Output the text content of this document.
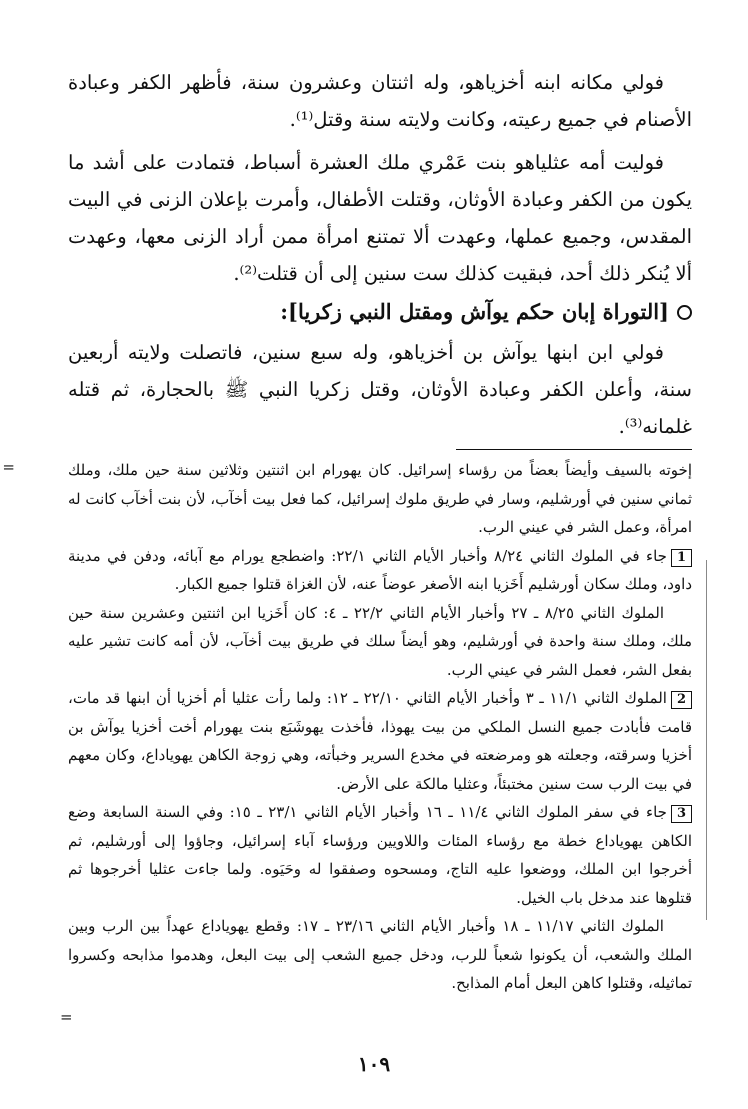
فولي مكانه ابنه أخزياهو، وله اثنتان وعشرون سنة، فأظهر الكفر وعبادة الأصنام في جميع رعيته، وكانت ولايته سنة وقتل⁽¹⁾.

فوليت أمه عثلياهو بنت عَمْري ملك العشرة أسباط، فتمادت على أشد ما يكون من الكفر وعبادة الأوثان، وقتلت الأطفال، وأمرت بإعلان الزنى في البيت المقدس، وجميع عملها، وعهدت ألا تمتنع امرأة ممن أراد الزنى معها، وعهدت ألا يُنكر ذلك أحد، فبقيت كذلك ست سنين إلى أن قتلت⁽²⁾.

[التوراة إبان حكم يوآش ومقتل النبي زكريا]:

فولي ابن ابنها يوآش بن أخزياهو، وله سبع سنين، فاتصلت ولايته أربعين سنة، وأعلن الكفر وعبادة الأوثان، وقتل زكريا النبي ﷺ بالحجارة، ثم قتله غلمانه⁽³⁾.

=	إخوته بالسيف وأيضاً بعضاً من رؤساء إسرائيل. كان يهورام ابن اثنتين وثلاثين سنة حين ملك، وملك ثماني سنين في أورشليم، وسار في طريق ملوك إسرائيل، كما فعل بيت أخآب، لأن بنت أخآب كانت له امرأة، وعمل الشر في عيني الرب.

1جاء في الملوك الثاني ٨/٢٤ وأخبار الأيام الثاني ٢٢/١: واضطجع يورام مع آبائه، ودفن في مدينة داود، وملك سكان أورشليم أَخَزيا ابنه الأصغر عوضاً عنه، لأن الغزاة قتلوا جميع الكبار.

الملوك الثاني ٨/٢٥ ـ ٢٧ وأخبار الأيام الثاني ٢٢/٢ ـ ٤: كان أَخَزيا ابن اثنتين وعشرين سنة حين ملك، وملك سنة واحدة في أورشليم، وهو أيضاً سلك في طريق بيت أخآب، لأن أمه كانت تشير عليه بفعل الشر، فعمل الشر في عيني الرب.

2الملوك الثاني ١١/١ ـ ٣ وأخبار الأيام الثاني ٢٢/١٠ ـ ١٢: ولما رأت عثليا أم أخزيا أن ابنها قد مات، قامت فأبادت جميع النسل الملكي من بيت يهوذا، فأخذت يهوشَبَع بنت يهورام أخت أخزيا يوآش بن أخزيا وسرقته، وجعلته هو ومرضعته في مخدع السرير وخبأته، وهي زوجة الكاهن يهوياداع، وكان معهم في بيت الرب ست سنين مختبئاً، وعثليا مالكة على الأرض.

3جاء في سفر الملوك الثاني ١١/٤ ـ ١٦ وأخبار الأيام الثاني ٢٣/١ ـ ١٥: وفي السنة السابعة وضع الكاهن يهوياداع خطة مع رؤساء المئات واللاويين ورؤساء آباء إسرائيل، وجاؤوا إلى أورشليم، ثم أخرجوا ابن الملك، ووضعوا عليه التاج، ومسحوه وصفقوا له وحَيَوه. ولما جاءت عثليا أخرجوها ثم قتلوها عند مدخل باب الخيل.

الملوك الثاني ١١/١٧ ـ ١٨ وأخبار الأيام الثاني ٢٣/١٦ ـ ١٧: وقطع يهوياداع عهداً بين الرب وبين الملك والشعب، أن يكونوا شعباً للرب، ودخل جميع الشعب إلى بيت البعل، وهدموا مذابحه وكسروا تماثيله، وقتلوا كاهن البعل أمام المذابح.

=
١٠٩
